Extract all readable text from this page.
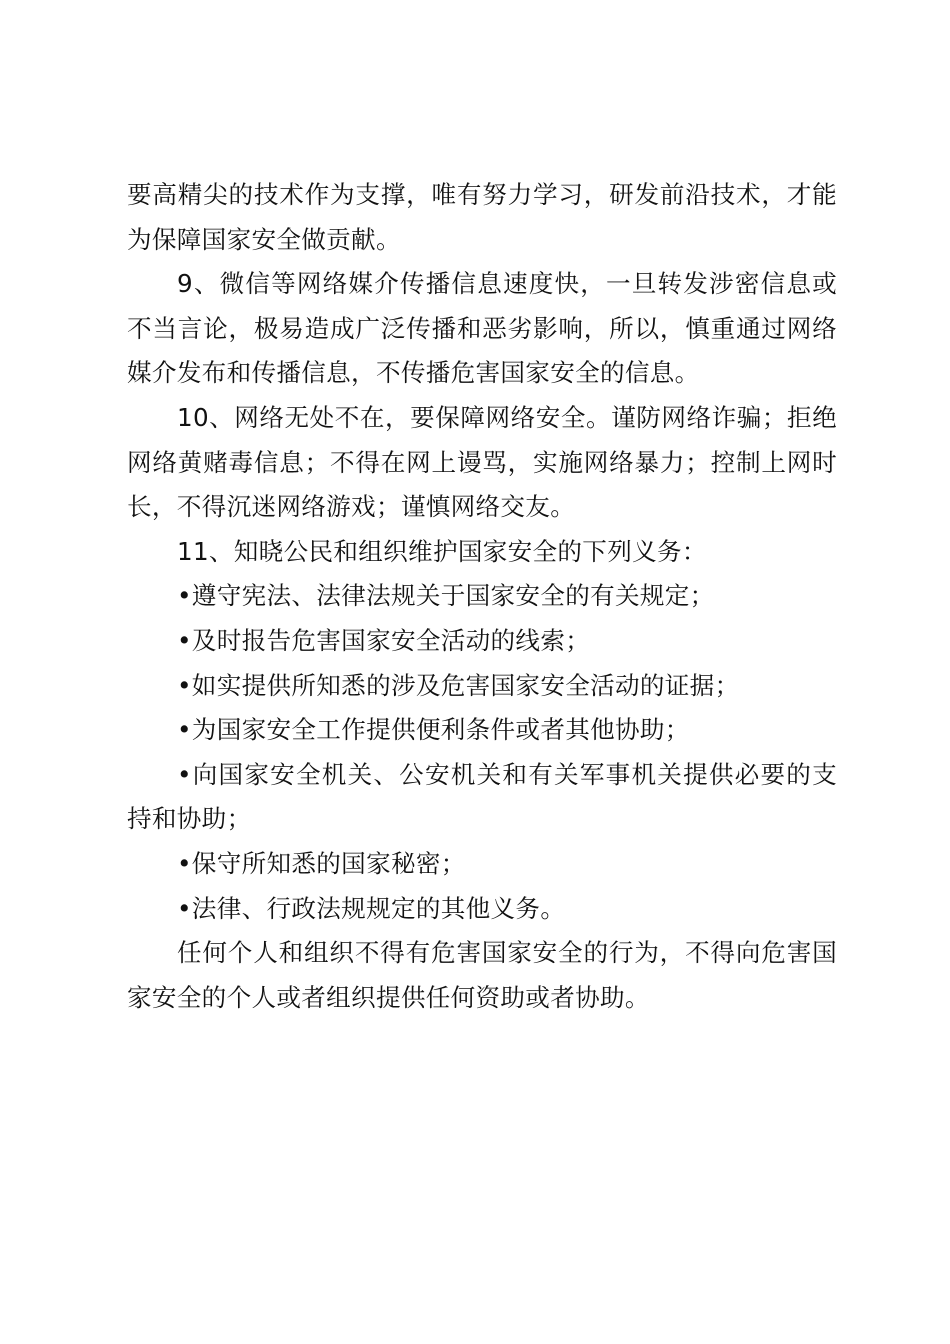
要高精尖的技术作为支撑，唯有努力学习，研发前沿技术，才能为保障国家安全做贡献。

9、微信等网络媒介传播信息速度快，一旦转发涉密信息或不当言论，极易造成广泛传播和恶劣影响，所以，慎重通过网络媒介发布和传播信息，不传播危害国家安全的信息。

10、网络无处不在，要保障网络安全。谨防网络诈骗；拒绝网络黄赌毒信息；不得在网上谩骂，实施网络暴力；控制上网时长，不得沉迷网络游戏；谨慎网络交友。

11、知晓公民和组织维护国家安全的下列义务：

•遵守宪法、法律法规关于国家安全的有关规定；

•及时报告危害国家安全活动的线索；

•如实提供所知悉的涉及危害国家安全活动的证据；

•为国家安全工作提供便利条件或者其他协助；

•向国家安全机关、公安机关和有关军事机关提供必要的支持和协助；

•保守所知悉的国家秘密；

•法律、行政法规规定的其他义务。

任何个人和组织不得有危害国家安全的行为，不得向危害国家安全的个人或者组织提供任何资助或者协助。
